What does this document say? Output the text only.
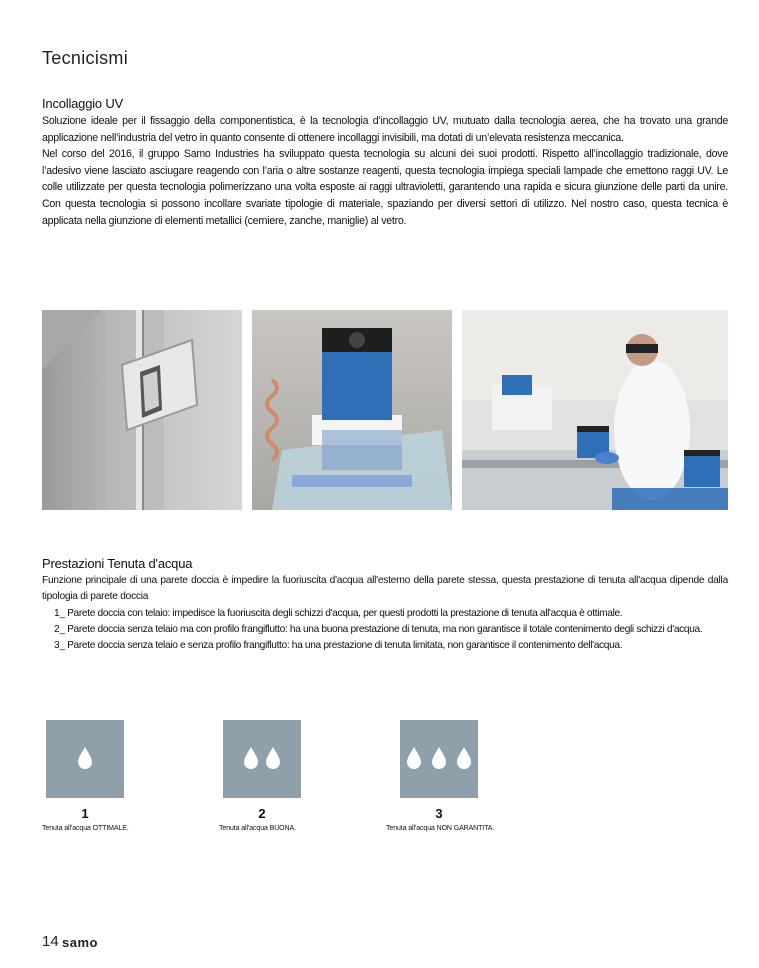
Tecnicismi
Incollaggio UV

Soluzione ideale per il fissaggio della componentistica, è la tecnologia d’incollaggio UV, mutuato dalla tecnologia aerea, che ha trovato una grande applicazione nell’industria del vetro in quanto consente di ottenere incollaggi invisibili, ma dotati di un’elevata resistenza meccanica.

Nel corso del 2016, il gruppo Samo Industries ha sviluppato questa tecnologia su alcuni dei suoi prodotti. Rispetto all’incollaggio tradizionale, dove l’adesivo viene lasciato asciugare reagendo con l’aria o altre sostanze reagenti, questa tecnologia impiega speciali lampade che emettono raggi UV. Le colle utilizzate per questa tecnologia polimerizzano una volta esposte ai raggi ultravioletti, garantendo una rapida e sicura giunzione delle parti da unire. Con questa tecnologia si possono incollare svariate tipologie di materiale, spaziando per diversi settori di utilizzo. Nel nostro caso, questa tecnica è applicata nella giunzione di elementi metallici (cerniere, zanche, maniglie) al vetro.

Prestazioni Tenuta d'acqua
Funzione principale di una parete doccia è impedire la fuoriuscita d'acqua all'esterno della parete stessa, questa prestazione di tenuta all'acqua dipende dalla tipologia di parete doccia
1_ Parete doccia con telaio: impedisce la fuoriuscita degli schizzi d'acqua, per questi prodotti la prestazione di tenuta all'acqua è ottimale.
2_ Parete doccia senza telaio ma con profilo frangiflutto: ha una buona prestazione di tenuta, ma non garantisce il totale contenimento degli schizzi d'acqua.
3_ Parete doccia senza telaio e senza profilo frangiflutto: ha una prestazione di tenuta limitata, non garantisce il contenimento dell'acqua.
1	2	3
Tenuta all'acqua OTTIMALE.	Tenuta all'acqua BUONA.	Tenuta all'acqua NON GARANTITA.
14 samo
